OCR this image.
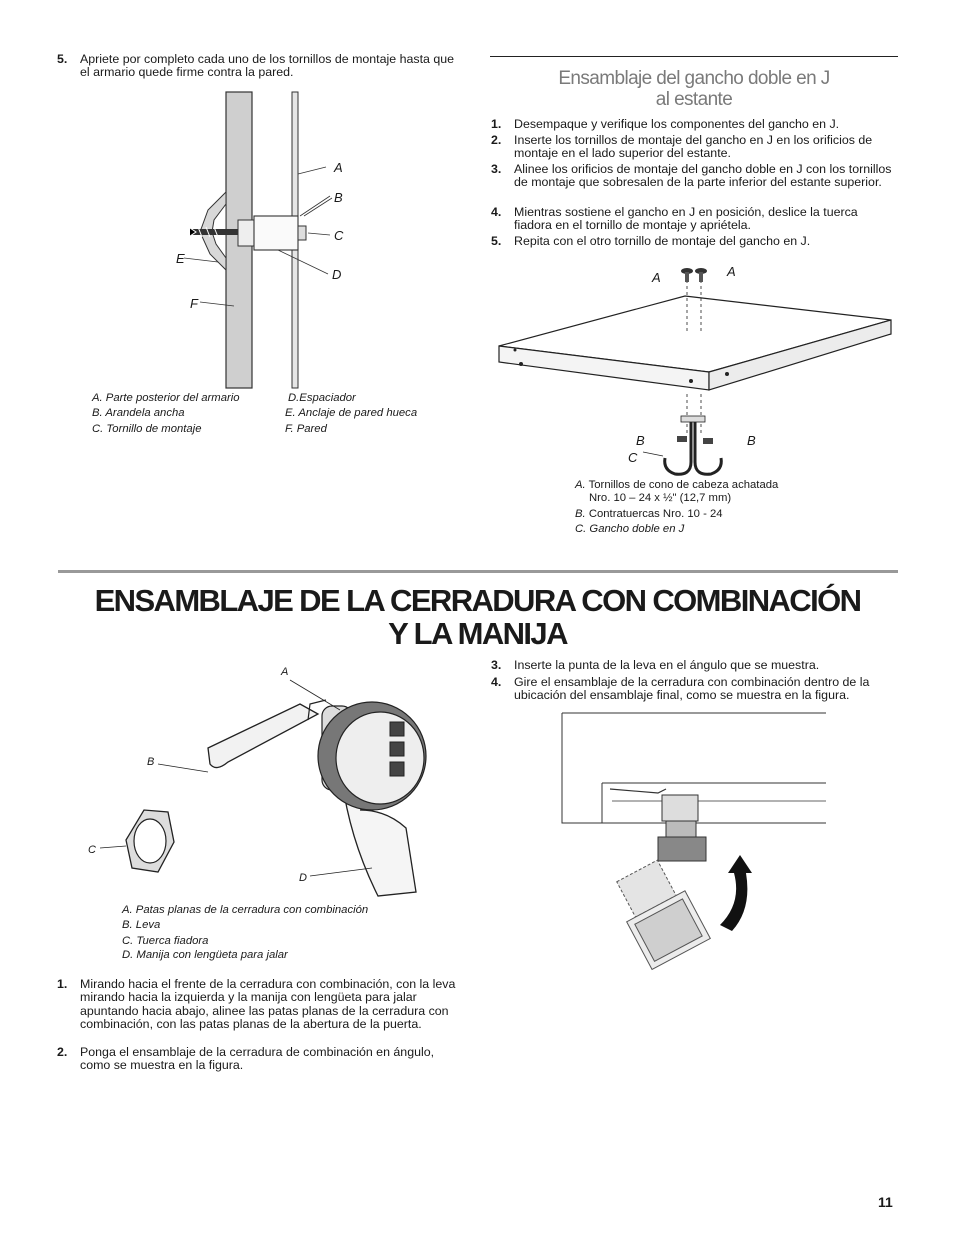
5. Apriete por completo cada uno de los tornillos de montaje hasta que el armario quede firme contra la pared.
A
B
C
D
E
F
A. Parte posterior del armario
B. Arandela ancha
C. Tornillo de montaje
D.Espaciador
E. Anclaje de pared hueca
F. Pared
Ensamblaje del gancho doble en J
al estante
1. Desempaque y verifique los componentes del gancho en J.
2. Inserte los tornillos de montaje del gancho en J en los orificios de montaje en el lado superior del estante.
3. Alinee los orificios de montaje del gancho doble en J con los tornillos de montaje que sobresalen de la parte inferior del estante superior.
4. Mientras sostiene el gancho en J en posición, deslice la tuerca fiadora en el tornillo de montaje y apriétela.
5. Repita con el otro tornillo de montaje del gancho en J.
A	A
B	B
C
A. Tornillos de cono de cabeza achatada
Nro. 10 – 24 x ½" (12,7 mm)
B. Contratuercas Nro. 10 - 24
C. Gancho doble en J
ENSAMBLAJE DE LA CERRADURA CON COMBINACIÓN
Y LA MANIJA
A
B
C
D
A. Patas planas de la cerradura con combinación
B. Leva
C. Tuerca fiadora
D. Manija con lengüeta para jalar
1. Mirando hacia el frente de la cerradura con combinación, con la leva mirando hacia la izquierda y la manija con lengüeta para jalar apuntando hacia abajo, alinee las patas planas de la cerradura con combinación, con las patas planas de la abertura de la puerta.
2. Ponga el ensamblaje de la cerradura de combinación en ángulo, como se muestra en la figura.
3. Inserte la punta de la leva en el ángulo que se muestra.
4. Gire el ensamblaje de la cerradura con combinación dentro de la ubicación del ensamblaje final, como se muestra en la figura.
11
